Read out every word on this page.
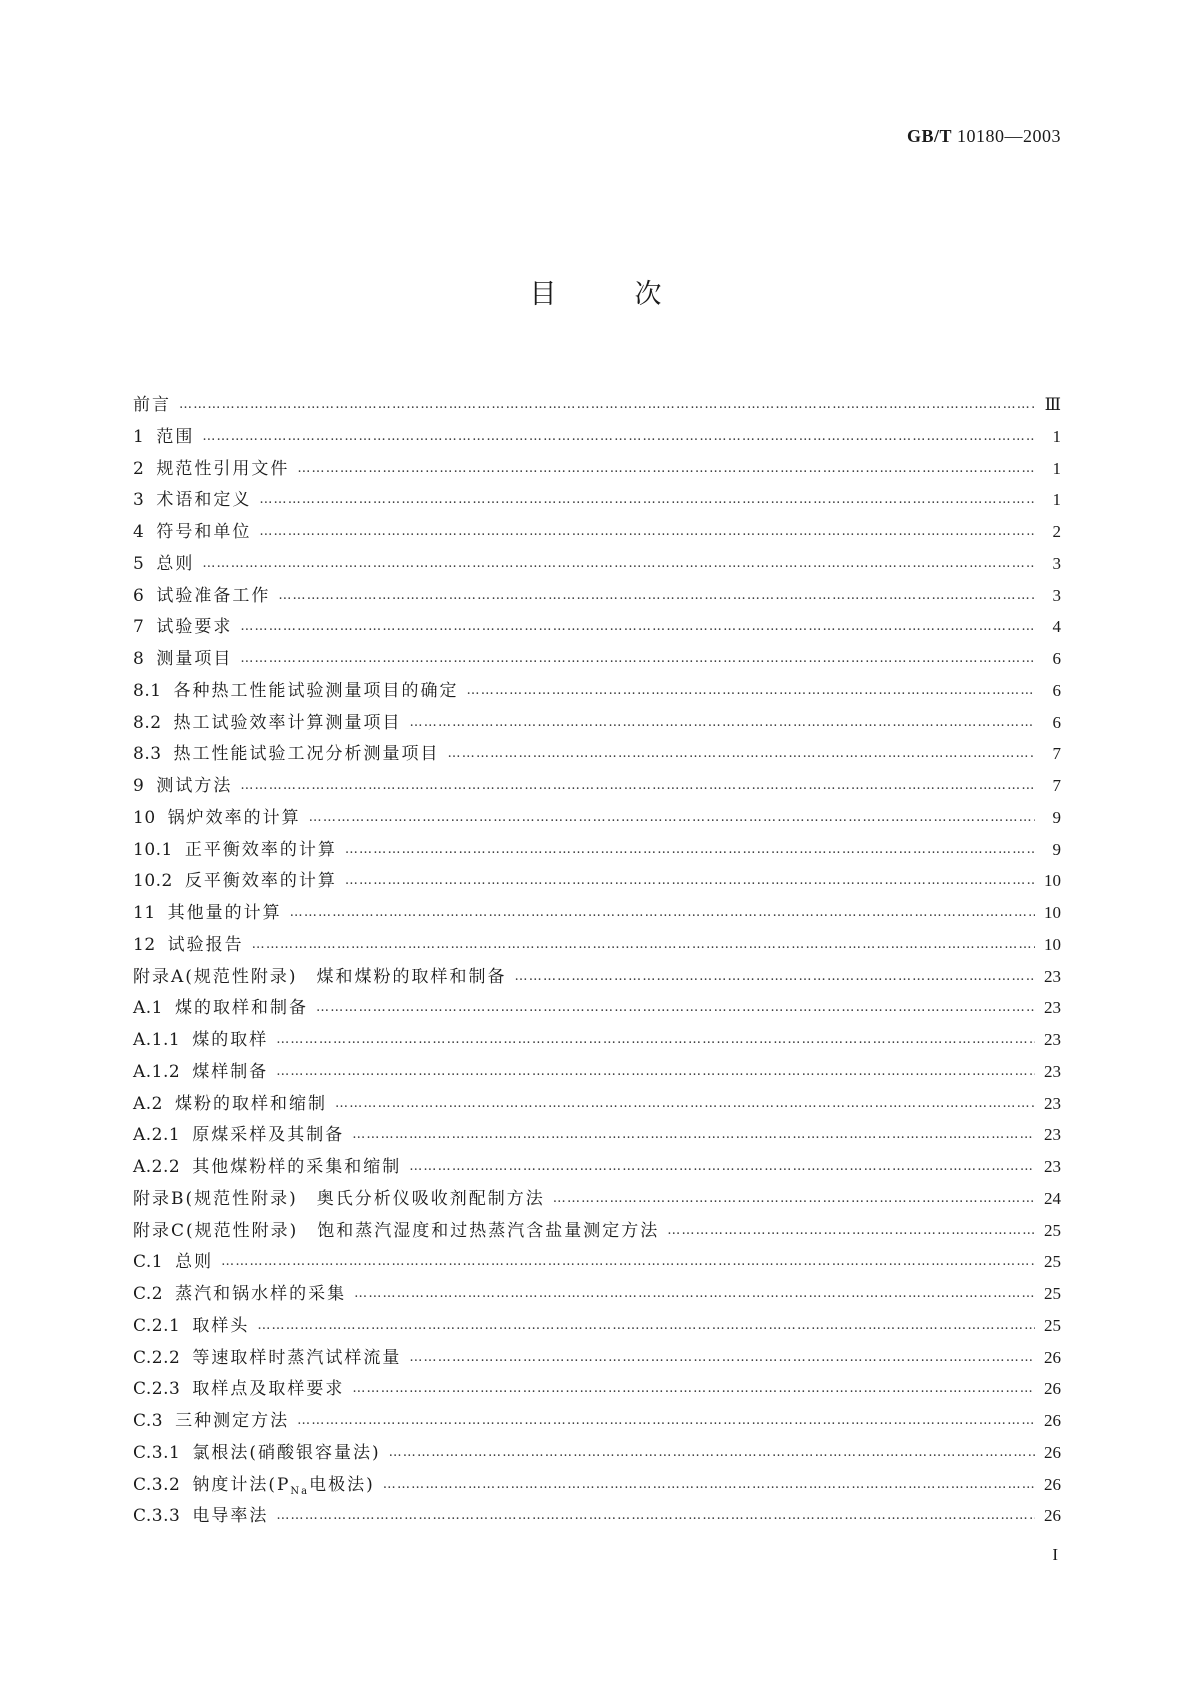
GB/T 10180—2003
目	次
前言 …………………………………………………………………………………………………………………………………………………………………………………………………………	Ⅲ
1 范围 …………………………………………………………………………………………………………………………………………………………………………………………………………	1
2 规范性引用文件 …………………………………………………………………………………………………………………………………………………………………………………………………………	1
3 术语和定义 …………………………………………………………………………………………………………………………………………………………………………………………………………	1
4 符号和单位 …………………………………………………………………………………………………………………………………………………………………………………………………………	2
5 总则 …………………………………………………………………………………………………………………………………………………………………………………………………………	3
6 试验准备工作 …………………………………………………………………………………………………………………………………………………………………………………………………………	3
7 试验要求 …………………………………………………………………………………………………………………………………………………………………………………………………………	4
8 测量项目 …………………………………………………………………………………………………………………………………………………………………………………………………………	6
8.1 各种热工性能试验测量项目的确定 …………………………………………………………………………………………………………………………………………………………………………………………………………	6
8.2 热工试验效率计算测量项目 …………………………………………………………………………………………………………………………………………………………………………………………………………	6
8.3 热工性能试验工况分析测量项目 …………………………………………………………………………………………………………………………………………………………………………………………………………	7
9 测试方法 …………………………………………………………………………………………………………………………………………………………………………………………………………	7
10 锅炉效率的计算 …………………………………………………………………………………………………………………………………………………………………………………………………………	9
10.1 正平衡效率的计算 …………………………………………………………………………………………………………………………………………………………………………………………………………	9
10.2 反平衡效率的计算 …………………………………………………………………………………………………………………………………………………………………………………………………………	10
11 其他量的计算 …………………………………………………………………………………………………………………………………………………………………………………………………………	10
12 试验报告 …………………………………………………………………………………………………………………………………………………………………………………………………………	10
附录A(规范性附录)　煤和煤粉的取样和制备 …………………………………………………………………………………………………………………………………………………………………………………………………………	23
A.1 煤的取样和制备 …………………………………………………………………………………………………………………………………………………………………………………………………………	23
A.1.1 煤的取样 …………………………………………………………………………………………………………………………………………………………………………………………………………	23
A.1.2 煤样制备 …………………………………………………………………………………………………………………………………………………………………………………………………………	23
A.2 煤粉的取样和缩制 …………………………………………………………………………………………………………………………………………………………………………………………………………	23
A.2.1 原煤采样及其制备 …………………………………………………………………………………………………………………………………………………………………………………………………………	23
A.2.2 其他煤粉样的采集和缩制 …………………………………………………………………………………………………………………………………………………………………………………………………………	23
附录B(规范性附录)　奥氏分析仪吸收剂配制方法 …………………………………………………………………………………………………………………………………………………………………………………………………………	24
附录C(规范性附录)　饱和蒸汽湿度和过热蒸汽含盐量测定方法 …………………………………………………………………………………………………………………………………………………………………………………………………………	25
C.1 总则 …………………………………………………………………………………………………………………………………………………………………………………………………………	25
C.2 蒸汽和锅水样的采集 …………………………………………………………………………………………………………………………………………………………………………………………………………	25
C.2.1 取样头 …………………………………………………………………………………………………………………………………………………………………………………………………………	25
C.2.2 等速取样时蒸汽试样流量 …………………………………………………………………………………………………………………………………………………………………………………………………………	26
C.2.3 取样点及取样要求 …………………………………………………………………………………………………………………………………………………………………………………………………………	26
C.3 三种测定方法 …………………………………………………………………………………………………………………………………………………………………………………………………………	26
C.3.1 氯根法(硝酸银容量法) …………………………………………………………………………………………………………………………………………………………………………………………………………	26
C.3.2 钠度计法($P_{Na}$电极法) …………………………………………………………………………………………………………………………………………………………………………………………………………	26
C.3.3 电导率法 …………………………………………………………………………………………………………………………………………………………………………………………………………	26
I
